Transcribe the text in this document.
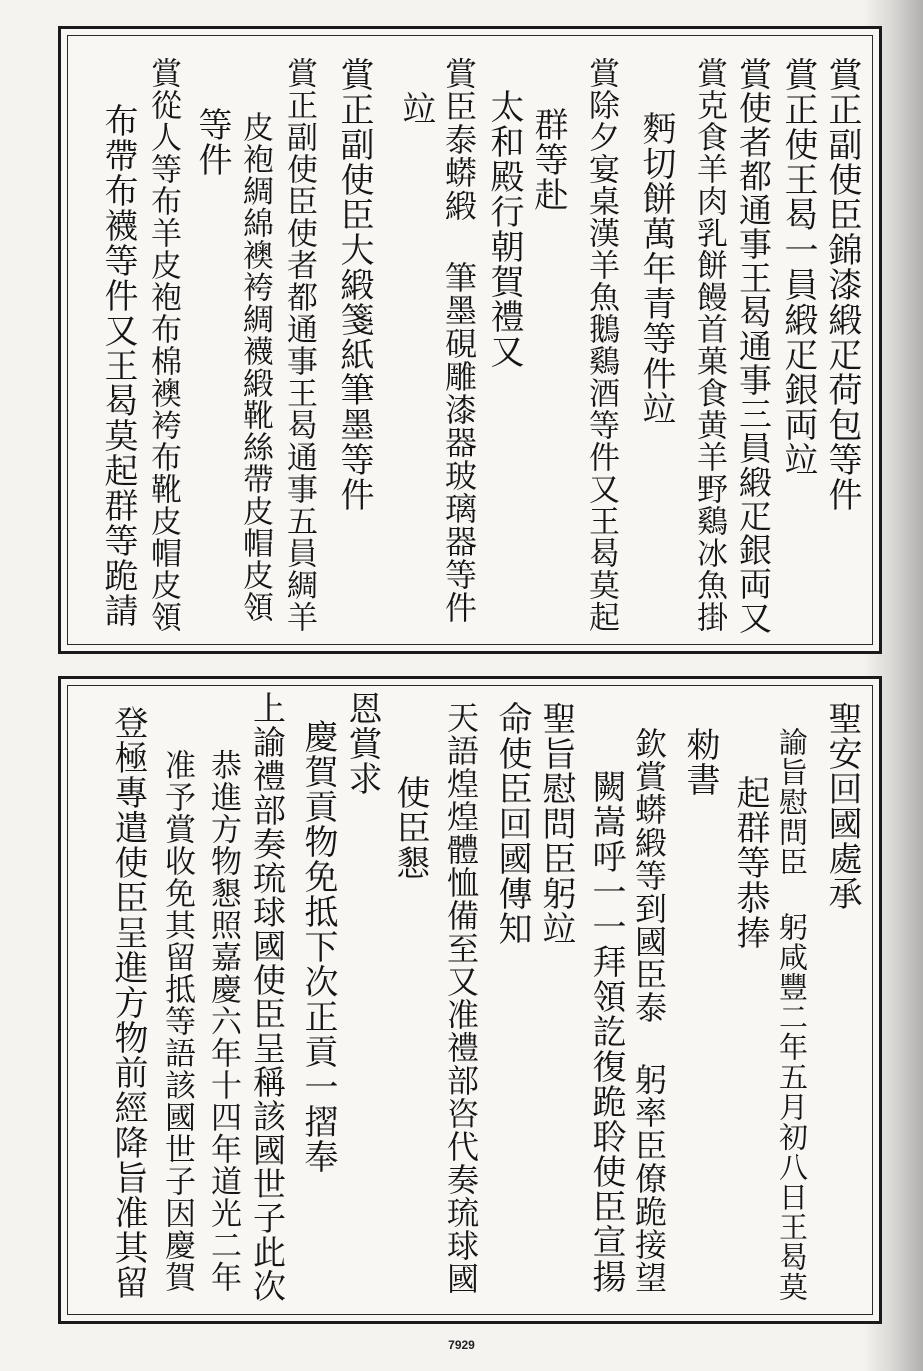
賞正副使臣錦漆緞疋荷包等件
賞正使王曷一員緞疋銀両竝
賞使者都通事王曷通事三員緞疋銀両又
賞克食羊肉乳餅饅首菓食黄羊野鷄冰魚掛
麪切餅萬年青等件竝
賞除夕宴桌漢羊魚鵝鷄酒等件又王曷莫起
群等赴
太和殿行朝賀禮又
賞臣泰蟒緞 筆墨硯雕漆器玻璃器等件
竝
賞正副使臣大緞箋紙筆墨等件
賞正副使臣使者都通事王曷通事五員綢羊
皮袍綢綿襖袴綢襪緞靴絲帶皮帽皮領
等件
賞從人等布羊皮袍布棉襖袴布靴皮帽皮領
布帶布襪等件又王曷莫起群等跪請
聖安回國處承
諭旨慰問臣 躬咸豐二年五月初八日王曷莫
起群等恭捧
勑書
欽賞蟒緞等到國臣泰 躬率臣僚跪接望
闕嵩呼一一拜領訖復跪聆使臣宣揚
聖旨慰問臣躬竝
命使臣回國傳知
天語煌煌體恤備至又准禮部咨代奏琉球國
使臣懇
恩賞求
慶賀貢物免抵下次正貢一摺奉
上諭禮部奏琉球國使臣呈稱該國世子此次
恭進方物懇照嘉慶六年十四年道光二年
准予賞收免其留抵等語該國世子因慶賀
登極專遣使臣呈進方物前經降旨准其留
7929
